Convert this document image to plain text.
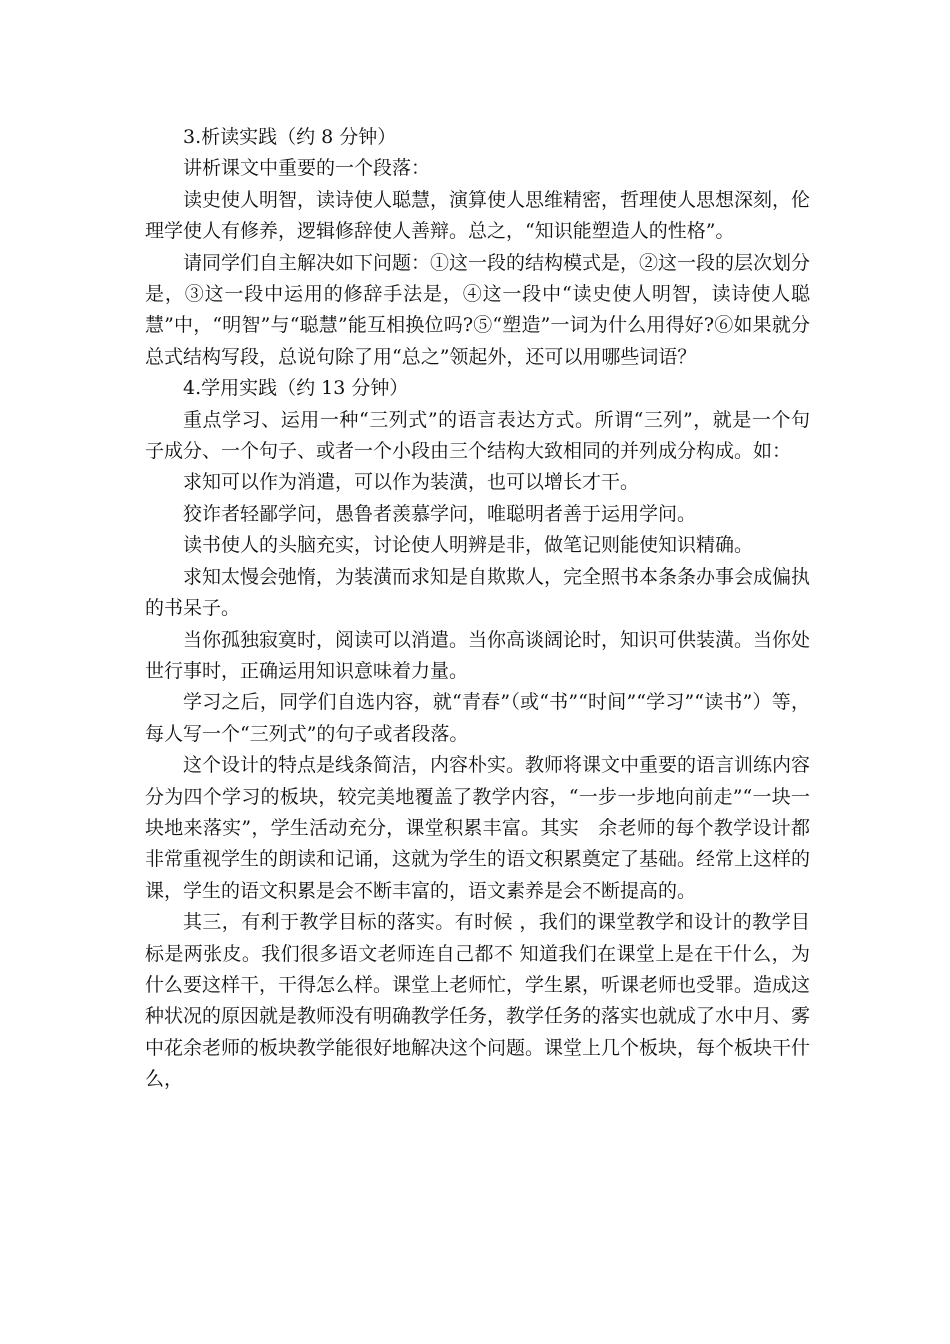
3.析读实践（约 8 分钟）

讲析课文中重要的一个段落：

读史使人明智，读诗使人聪慧，演算使人思维精密，哲理使人思想深刻，伦理学使人有修养，逻辑修辞使人善辩。总之，“知识能塑造人的性格”。

请同学们自主解决如下问题：①这一段的结构模式是，②这一段的层次划分是，③这一段中运用的修辞手法是，④这一段中“读史使人明智，读诗使人聪慧”中，“明智”与“聪慧”能互相换位吗?⑤“塑造”一词为什么用得好?⑥如果就分总式结构写段，总说句除了用“总之”领起外，还可以用哪些词语？

4.学用实践（约 13 分钟）

重点学习、运用一种“三列式”的语言表达方式。所谓“三列”，就是一个句子成分、一个句子、或者一个小段由三个结构大致相同的并列成分构成。如：

求知可以作为消遣，可以作为装潢，也可以增长才干。

狡诈者轻鄙学问，愚鲁者羡慕学问，唯聪明者善于运用学问。

读书使人的头脑充实，讨论使人明辨是非，做笔记则能使知识精确。

求知太慢会弛惰，为装潢而求知是自欺欺人，完全照书本条条办事会成偏执的书呆子。

当你孤独寂寞时，阅读可以消遣。当你高谈阔论时，知识可供装潢。当你处世行事时，正确运用知识意味着力量。

学习之后，同学们自选内容，就“青春”（或“书”“时间”“学习”“读书”）等，每人写一个“三列式”的句子或者段落。

这个设计的特点是线条简洁，内容朴实。教师将课文中重要的语言训练内容分为四个学习的板块，较完美地覆盖了教学内容，“一步一步地向前走”“一块一块地来落实”，学生活动充分，课堂积累丰富。其实　余老师的每个教学设计都非常重视学生的朗读和记诵，这就为学生的语文积累奠定了基础。经常上这样的课，学生的语文积累是会不断丰富的，语文素养是会不断提高的。

其三，有利于教学目标的落实。有时候 ，我们的课堂教学和设计的教学目标是两张皮。我们很多语文老师连自己都不 知道我们在课堂上是在干什么，为什么要这样干，干得怎么样。课堂上老师忙，学生累，听课老师也受罪。造成这种状况的原因就是教师没有明确教学任务，教学任务的落实也就成了水中月、雾中花余老师的板块教学能很好地解决这个问题。课堂上几个板块，每个板块干什么，
